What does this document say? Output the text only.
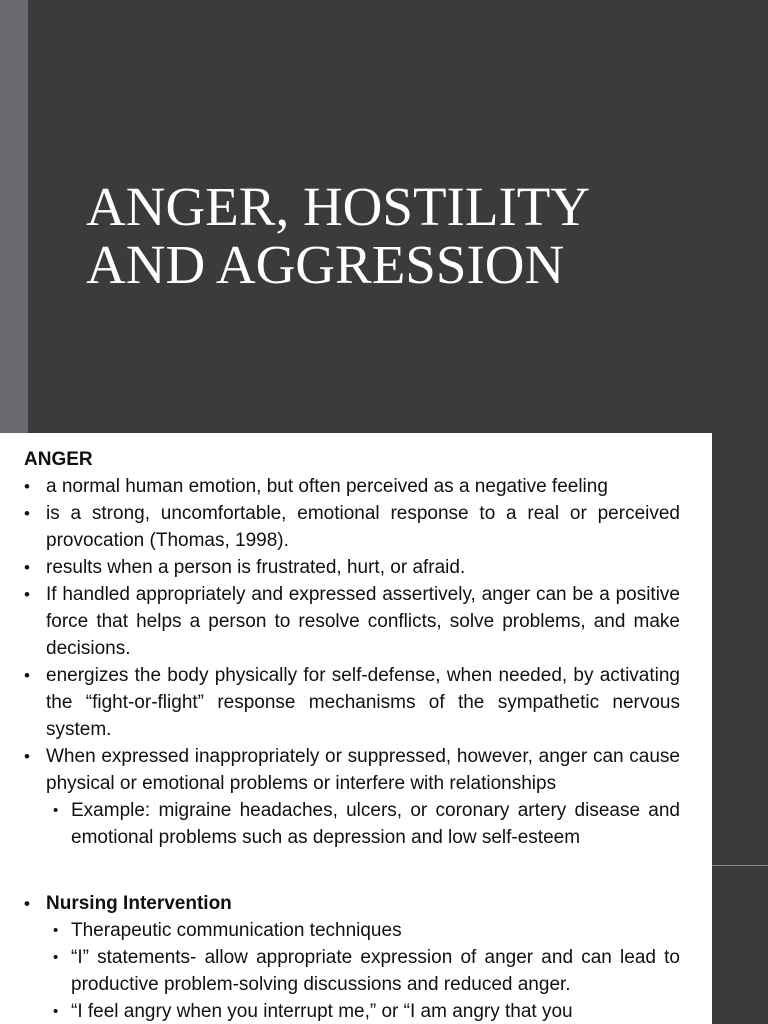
ANGER, HOSTILITY
AND AGGRESSION
ANGER
• a normal human emotion, but often perceived as a negative feeling
• is a strong, uncomfortable, emotional response to a real or perceived provocation (Thomas, 1998).
• results when a person is frustrated, hurt, or afraid.
• If handled appropriately and expressed assertively, anger can be a positive force that helps a person to resolve conflicts, solve problems, and make decisions.
• energizes the body physically for self-defense, when needed, by activating the “fight-or-flight” response mechanisms of the sympathetic nervous system.
• When expressed inappropriately or suppressed, however, anger can cause physical or emotional problems or interfere with relationships
• Example: migraine headaches, ulcers, or coronary artery disease and emotional problems such as depression and low self-esteem
• Nursing Intervention
• Therapeutic communication techniques
• “I” statements- allow appropriate expression of anger and can lead to productive problem-solving discussions and reduced anger.
• “I feel angry when you interrupt me,” or “I am angry that you
